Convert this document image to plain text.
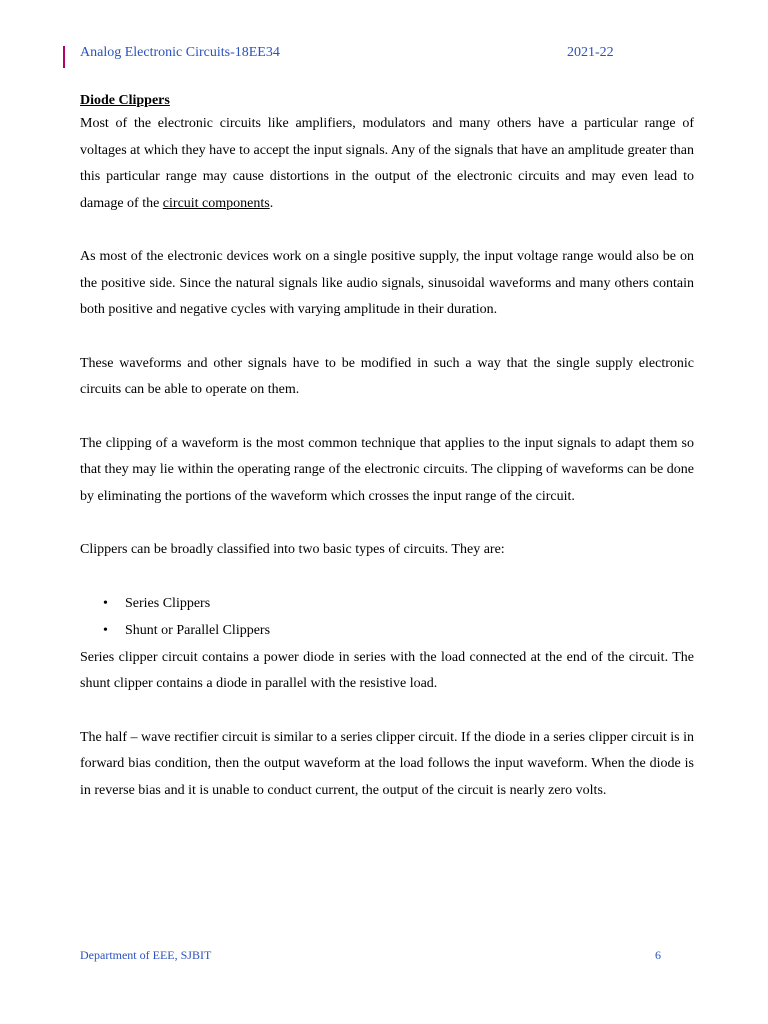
Analog Electronic Circuits-18EE34	2021-22
Diode Clippers

Most of the electronic circuits like amplifiers, modulators and many others have a particular range of voltages at which they have to accept the input signals. Any of the signals that have an amplitude greater than this particular range may cause distortions in the output of the electronic circuits and may even lead to damage of the circuit components.

As most of the electronic devices work on a single positive supply, the input voltage range would also be on the positive side. Since the natural signals like audio signals, sinusoidal waveforms and many others contain both positive and negative cycles with varying amplitude in their duration.

These waveforms and other signals have to be modified in such a way that the single supply electronic circuits can be able to operate on them.

The clipping of a waveform is the most common technique that applies to the input signals to adapt them so that they may lie within the operating range of the electronic circuits. The clipping of waveforms can be done by eliminating the portions of the waveform which crosses the input range of the circuit.

Clippers can be broadly classified into two basic types of circuits. They are:

• Series Clippers
• Shunt or Parallel Clippers

Series clipper circuit contains a power diode in series with the load connected at the end of the circuit. The shunt clipper contains a diode in parallel with the resistive load.

The half – wave rectifier circuit is similar to a series clipper circuit. If the diode in a series clipper circuit is in forward bias condition, then the output waveform at the load follows the input waveform. When the diode is in reverse bias and it is unable to conduct current, the output of the circuit is nearly zero volts.

Department of EEE, SJBIT	6
